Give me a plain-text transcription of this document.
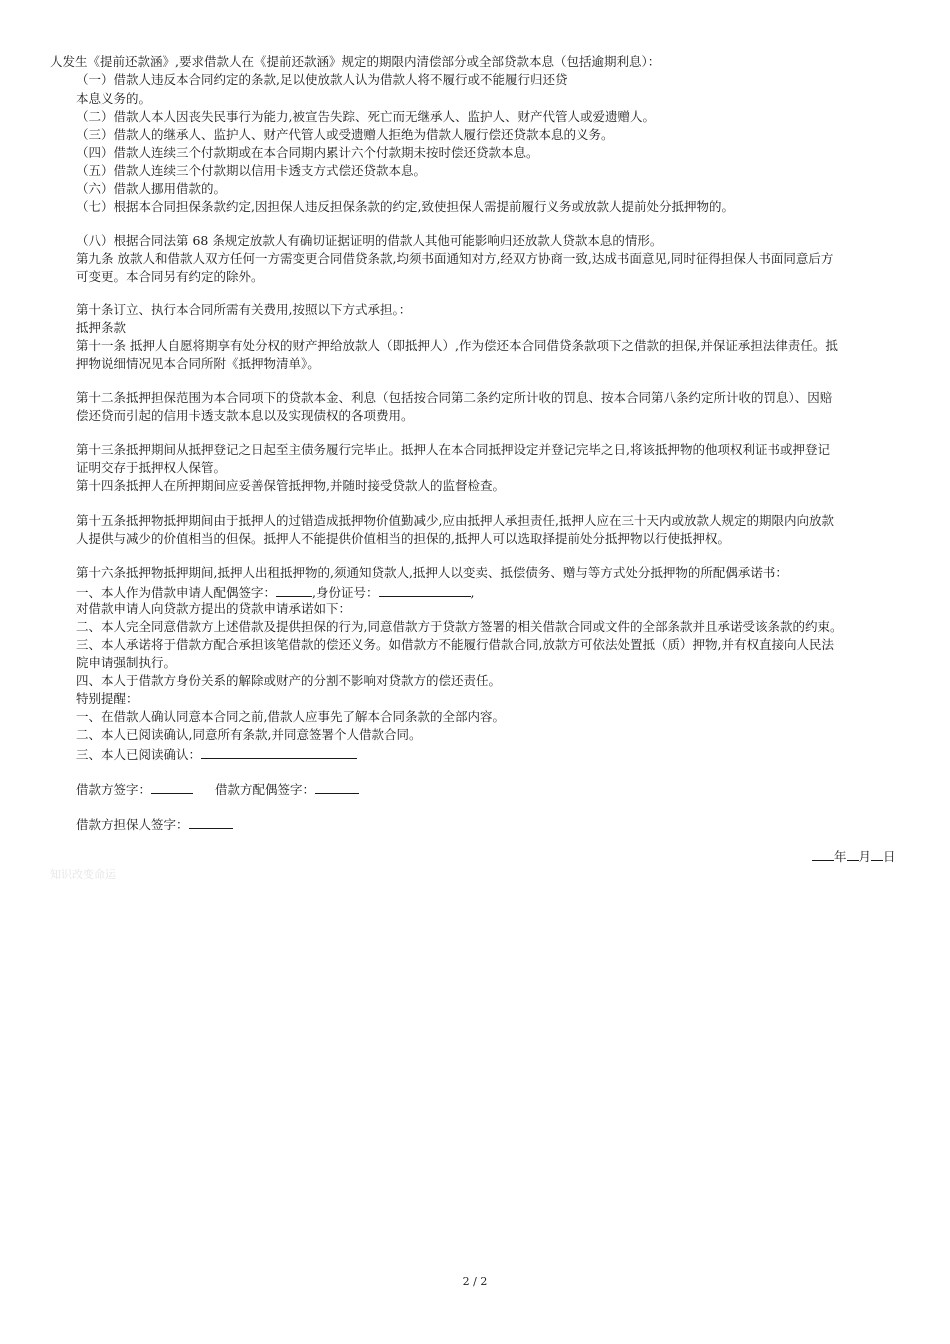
人发生《提前还款涵》,要求借款人在《提前还款涵》规定的期限内清偿部分或全部贷款本息（包括逾期利息）：
（一）借款人违反本合同约定的条款,足以使放款人认为借款人将不履行或不能履行归还贷
本息义务的。
（二）借款人本人因丧失民事行为能力,被宣告失踪、死亡而无继承人、监护人、财产代管人或爱遗赠人。
（三）借款人的继承人、监护人、财产代管人或受遗赠人拒绝为借款人履行偿还贷款本息的义务。
（四）借款人连续三个付款期或在本合同期内累计六个付款期未按时偿还贷款本息。
（五）借款人连续三个付款期以信用卡透支方式偿还贷款本息。
（六）借款人挪用借款的。
（七）根据本合同担保条款约定,因担保人违反担保条款的约定,致使担保人需提前履行义务或放款人提前处分抵押物的。
（八）根据合同法第 68 条规定放款人有确切证据证明的借款人其他可能影响归还放款人贷款本息的情形。
第九条 放款人和借款人双方任何一方需变更合同借贷条款,均须书面通知对方,经双方协商一致,达成书面意见,同时征得担保人书面同意后方
可变更。本合同另有约定的除外。
第十条订立、执行本合同所需有关费用,按照以下方式承担。：
抵押条款
第十一条 抵押人自愿将期享有处分权的财产押给放款人（即抵押人）,作为偿还本合同借贷条款项下之借款的担保,并保证承担法律责任。抵
押物说细情况见本合同所附《抵押物清单》。
第十二条抵押担保范围为本合同项下的贷款本金、利息（包括按合同第二条约定所计收的罚息、按本合同第八条约定所计收的罚息）、因赔
偿还贷而引起的信用卡透支款本息以及实现债权的各项费用。
第十三条抵押期间从抵押登记之日起至主债务履行完毕止。抵押人在本合同抵押设定并登记完毕之日,将该抵押物的他项权利证书或押登记
证明交存于抵押权人保管。
第十四条抵押人在所押期间应妥善保管抵押物,并随时接受贷款人的监督检查。
第十五条抵押物抵押期间由于抵押人的过错造成抵押物价值勤减少,应由抵押人承担责任,抵押人应在三十天内或放款人规定的期限内向放款
人提供与减少的价值相当的但保。抵押人不能提供价值相当的担保的,抵押人可以选取择提前处分抵押物以行使抵押权。
第十六条抵押物抵押期间,抵押人出租抵押物的,须通知贷款人,抵押人以变卖、抵偿债务、赠与等方式处分抵押物的所配偶承诺书：
对借款申请人向贷款方提出的贷款申请承诺如下：
二、本人完全同意借款方上述借款及提供担保的行为,同意借款方于贷款方签署的相关借款合同或文件的全部条款并且承诺受该条款的约束。
三、本人承诺将于借款方配合承担该笔借款的偿还义务。如借款方不能履行借款合同,放款方可依法处置抵（质）押物,并有权直接向人民法
院申请强制执行。
四、本人于借款方身份关系的解除或财产的分割不影响对贷款方的偿还责任。
特别提醒：
一、在借款人确认同意本合同之前,借款人应事先了解本合同条款的全部内容。
二、本人已阅读确认,同意所有条款,并同意签署个人借款合同。
一、本人作为借款申请人配偶签字：	,身份证号：	,
三、本人已阅读确认：
借款方签字：	借款方配偶签字：
借款方担保人签字：
年 月 日
知识改变命运
2 / 2
